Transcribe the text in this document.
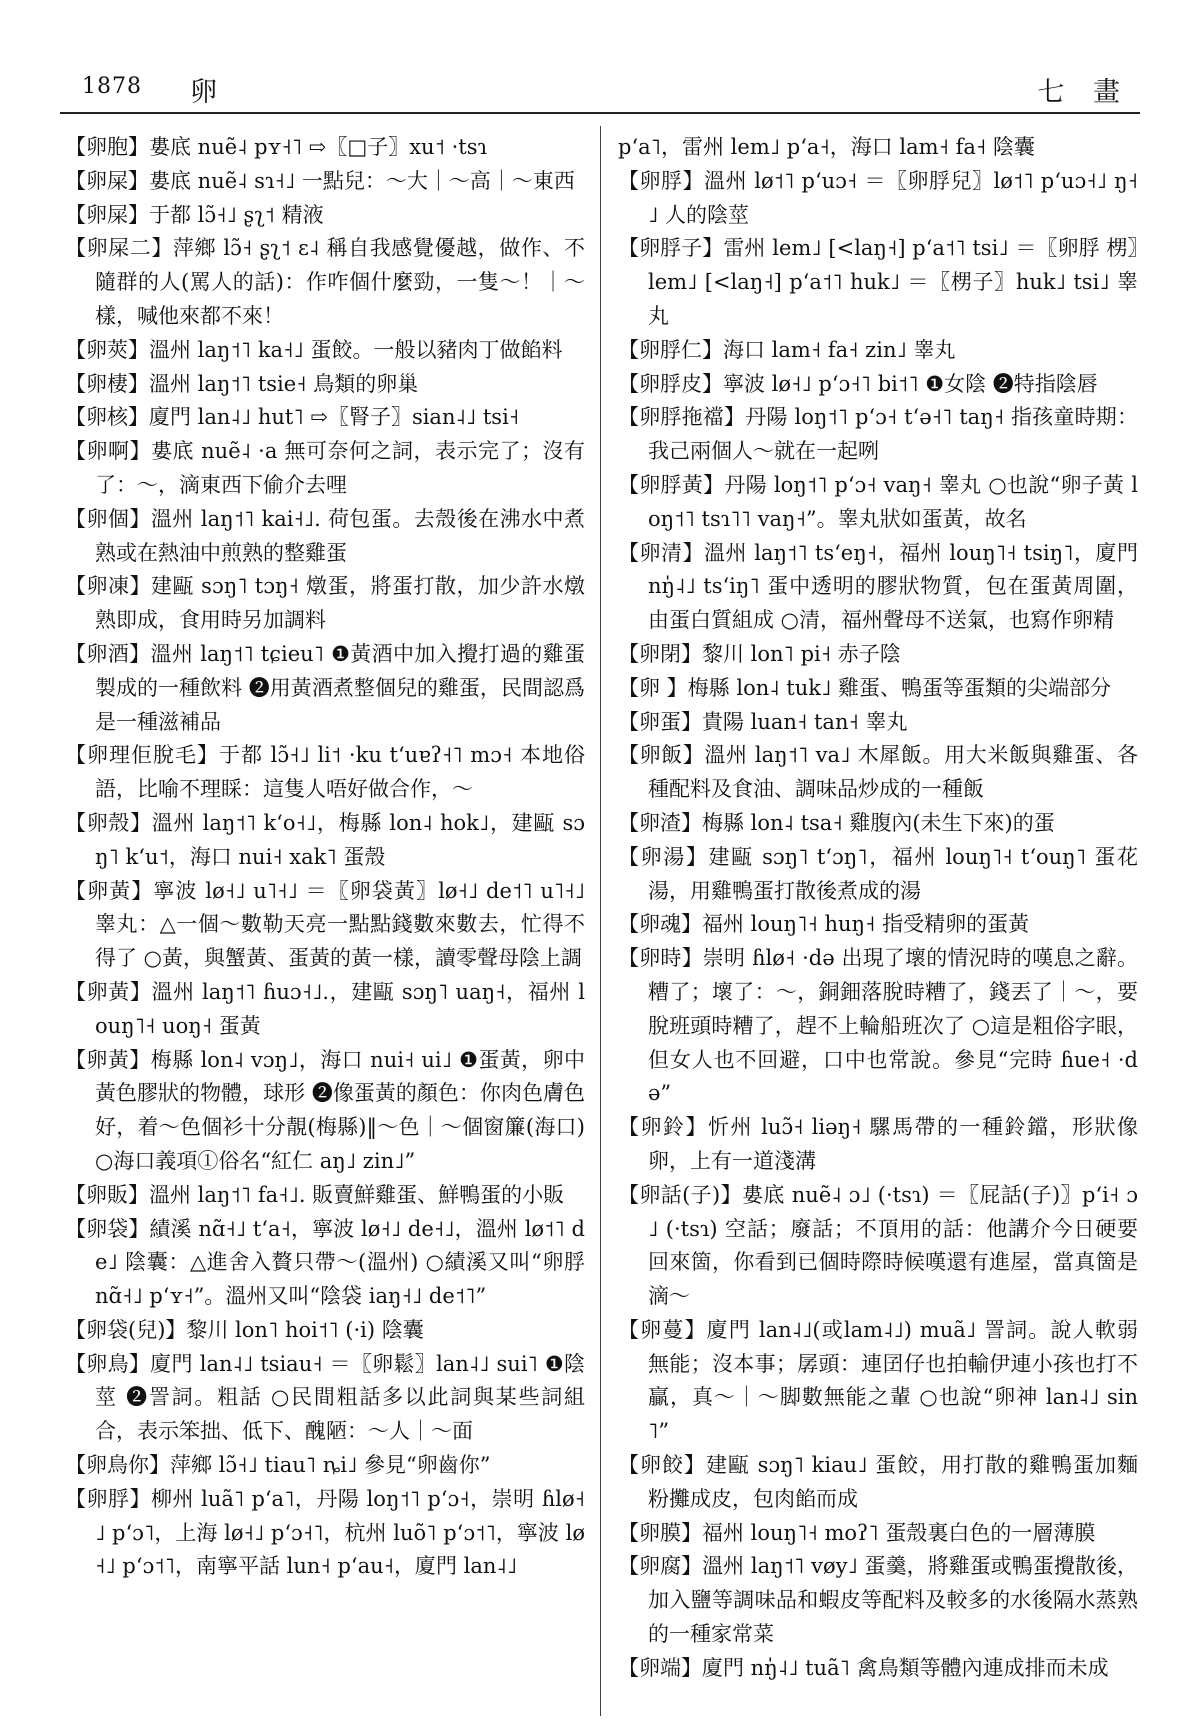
1878 卵	七 畫
【卵胞】婁底 nuẽ˨ pʏ˧˥ ⇨〖□子〗xu˦ ·tsɿ
【卵屎】婁底 nuẽ˨ sɿ˧˩ 一點兒：～大｜～高｜～東西
【卵屎】于都 lɔ̃˧˩ ʂʅ˦ 精液
【卵屎二】萍鄉 lɔ̃˧ ʂʅ˦ ɛ˨ 稱自我感覺優越，做作、不隨群的人(罵人的話)：作咋個什麼勁，一隻～！｜～樣，喊他來都不來！
【卵莢】溫州 laŋ˦˥ ka˧˩ 蛋餃。一般以豬肉丁做餡料
【卵棲】溫州 laŋ˦˥ tsie˧ 鳥類的卵巢
【卵核】廈門 lan˨˩ hut˥ ⇨〖腎子〗sian˨˩ tsi˧
【卵啊】婁底 nuẽ˨ ·a 無可奈何之詞，表示完了；沒有了：～，滴東西下偷介去哩
【卵個】溫州 laŋ˦˥ kai˧˩. 荷包蛋。去殼後在沸水中煮熟或在熱油中煎熟的整雞蛋
【卵凍】建甌 sɔŋ˥ tɔŋ˧ 燉蛋，將蛋打散，加少許水燉熟即成，食用時另加調料
【卵酒】溫州 laŋ˦˥ tɕieu˥ ❶黃酒中加入攪打過的雞蛋製成的一種飲料 ❷用黃酒煮整個兒的雞蛋，民間認爲是一種滋補品
【卵理佢脫毛】于都 lɔ̃˧˩ li˦ ·ku tʻuɐʔ˧˥ mɔ˧ 本地俗語，比喻不理睬：這隻人唔好做合作，～
【卵殼】溫州 laŋ˦˥ kʻo˧˩，梅縣 lon˨ hok˩，建甌 sɔŋ˥ kʻu˦，海口 nui˧ xak˥ 蛋殼
【卵黃】寧波 lø˧˩ u˥˧˩ ＝〖卵袋黃〗lø˧˩ de˦˥ u˥˧˩ 睾丸：△一個～數勒天亮一點點錢數來數去，忙得不得了 ○黃，與蟹黃、蛋黃的黃一樣，讀零聲母陰上調
【卵黃】溫州 laŋ˦˥ ɦuɔ˧˩.，建甌 sɔŋ˥ uaŋ˧，福州 louŋ˥˧ uoŋ˧ 蛋黃
【卵黃】梅縣 lon˨ vɔŋ˩，海口 nui˧ ui˩ ❶蛋黃，卵中黃色膠狀的物體，球形 ❷像蛋黃的顏色：你肉色膚色好，着～色個衫十分靚(梅縣)‖～色｜～個窗簾(海口) ○海口義項①俗名“紅仁 aŋ˩ zin˩”
【卵販】溫州 laŋ˦˥ fa˧˩. 販賣鮮雞蛋、鮮鴨蛋的小販
【卵袋】績溪 nɑ̃˧˩ tʻa˧，寧波 lø˧˩ de˧˩，溫州 lø˦˥ de˩ 陰囊：△進舍入贅只帶～(溫州) ○績溪又叫“卵脬 nɑ̃˧˩ pʻʏ˧”。溫州又叫“陰袋 iaŋ˧˩ de˦˥”
【卵袋(兒)】黎川 lon˥ hoi˦˥ (·i) 陰囊
【卵鳥】廈門 lan˨˩ tsiau˧ ＝〖卵鬆〗lan˨˩ sui˥ ❶陰莖 ❷詈詞。粗話 ○民間粗話多以此詞與某些詞組合，表示笨拙、低下、醜陋：～人｜～面
【卵鳥你】萍鄉 lɔ̃˧˩ tiau˥ ȵi˩ 參見“卵齒你”
【卵脬】柳州 luã˥ pʻa˥，丹陽 loŋ˦˥ pʻɔ˧，崇明 ɦlø˧˩ pʻɔ˥，上海 lø˧˩ pʻɔ˧˥，杭州 luõ˥ pʻɔ˦˥，寧波 lø˧˩ pʻɔ˦˥，南寧平話 lun˧ pʻau˧，廈門 lan˨˩
pʻa˥，雷州 lem˩ pʻa˧，海口 lam˧ fa˧ 陰囊
【卵脬】溫州 lø˦˥ pʻuɔ˧ ＝〖卵脬兒〗lø˦˥ pʻuɔ˧˩ ŋ˧˩ 人的陰莖
【卵脬子】雷州 lem˩ [<laŋ˧] pʻa˦˥ tsi˩ ＝〖卵脬 㭷〗lem˩ [<laŋ˧] pʻa˦˥ huk˩ ＝〖㭷子〗huk˩ tsi˩ 睾丸
【卵脬仁】海口 lam˧ fa˧ zin˩ 睾丸
【卵脬皮】寧波 lø˧˩ pʻɔ˧˥ bi˦˥ ❶女陰 ❷特指陰唇
【卵脬拖襠】丹陽 loŋ˦˥ pʻɔ˧ tʻə˧˥ taŋ˧ 指孩童時期：我己兩個人～就在一起咧
【卵脬黃】丹陽 loŋ˦˥ pʻɔ˧ vaŋ˧ 睾丸 ○也說“卵子黃 loŋ˦˥ tsɿ˥˥ vaŋ˧”。睾丸狀如蛋黃，故名
【卵清】溫州 laŋ˦˥ tsʻeŋ˧，福州 louŋ˥˧ tsiŋ˥，廈門 nŋ̍˨˩ tsʻiŋ˥ 蛋中透明的膠狀物質，包在蛋黃周圍，由蛋白質組成 ○清，福州聲母不送氣，也寫作卵精
【卵閉】黎川 lon˥ pi˧ 赤子陰
【卵 】梅縣 lon˨ tuk˩ 雞蛋、鴨蛋等蛋類的尖端部分
【卵蛋】貴陽 luan˧ tan˧ 睾丸
【卵飯】溫州 laŋ˦˥ va˩ 木犀飯。用大米飯與雞蛋、各種配料及食油、調味品炒成的一種飯
【卵渣】梅縣 lon˨ tsa˧ 雞腹內(未生下來)的蛋
【卵湯】建甌 sɔŋ˥ tʻɔŋ˥，福州 louŋ˥˧ tʻouŋ˥ 蛋花湯，用雞鴨蛋打散後煮成的湯
【卵魂】福州 louŋ˥˧ huŋ˧ 指受精卵的蛋黃
【卵時】崇明 ɦlø˧ ·də 出現了壞的情況時的嘆息之辭。糟了；壞了：～，銅鈿落脫時糟了，錢丟了｜～，要脫班頭時糟了，趕不上輪船班次了 ○這是粗俗字眼，但女人也不回避，口中也常說。參見“完時 ɦue˧ ·də”
【卵鈴】忻州 luɔ̃˧ liəŋ˧ 騾馬帶的一種鈴鐺，形狀像卵，上有一道淺溝
【卵話(子)】婁底 nuẽ˨ ɔ˩ (·tsɿ) ＝〖屁話(子)〗pʻi˧ ɔ˩ (·tsɿ) 空話；廢話；不頂用的話：他講介今日硬要回來箇，你看到已個時際時候嘆還有進屋，當真箇是滴～
【卵蔓】廈門 lan˨˩(或lam˨˩) muã˩ 詈詞。說人軟弱無能；沒本事；孱頭：連囝仔也拍輸伊連小孩也打不贏，真～｜～脚數無能之輩 ○也說“卵神 lan˨˩ sin˥”
【卵餃】建甌 sɔŋ˥ kiau˩ 蛋餃，用打散的雞鴨蛋加麵粉攤成皮，包肉餡而成
【卵膜】福州 louŋ˥˧ moʔ˥ 蛋殼裏白色的一層薄膜
【卵腐】溫州 laŋ˦˥ vøy˩ 蛋羹，將雞蛋或鴨蛋攪散後，加入鹽等調味品和蝦皮等配料及較多的水後隔水蒸熟的一種家常菜
【卵端】廈門 nŋ̍˨˩ tuã˥ 禽鳥類等體內連成排而未成
